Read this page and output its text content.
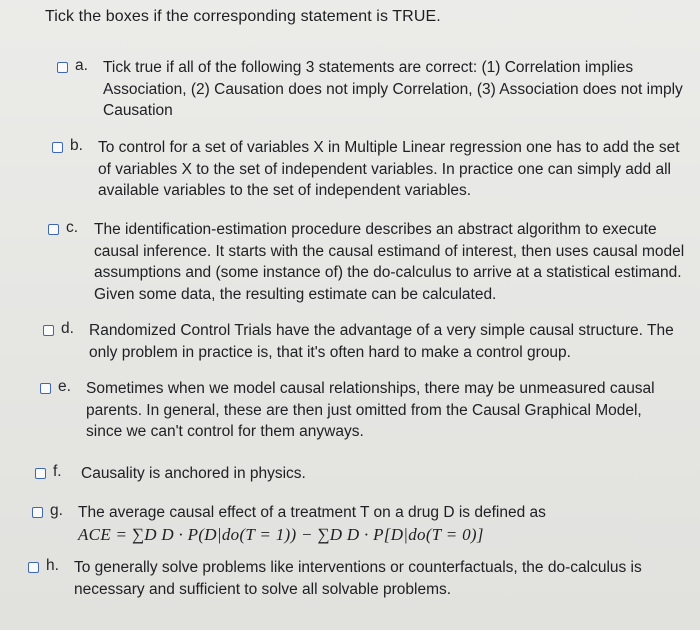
Tick the boxes if the corresponding statement is TRUE.
a. Tick true if all of the following 3 statements are correct: (1) Correlation implies Association, (2) Causation does not imply Correlation, (3) Association does not imply Causation
b. To control for a set of variables X in Multiple Linear regression one has to add the set of variables X to the set of independent variables. In practice one can simply add all available variables to the set of independent variables.
c. The identification-estimation procedure describes an abstract algorithm to execute causal inference. It starts with the causal estimand of interest, then uses causal model assumptions and (some instance of) the do-calculus to arrive at a statistical estimand. Given some data, the resulting estimate can be calculated.
d. Randomized Control Trials have the advantage of a very simple causal structure. The only problem in practice is, that it's often hard to make a control group.
e. Sometimes when we model causal relationships, there may be unmeasured causal parents. In general, these are then just omitted from the Causal Graphical Model, since we can't control for them anyways.
f. Causality is anchored in physics.
g. The average causal effect of a treatment T on a drug D is defined as
ACE = ∑D D · P(D|do(T = 1)) − ∑D D · P[D|do(T = 0)]
h. To generally solve problems like interventions or counterfactuals, the do-calculus is necessary and sufficient to solve all solvable problems.
